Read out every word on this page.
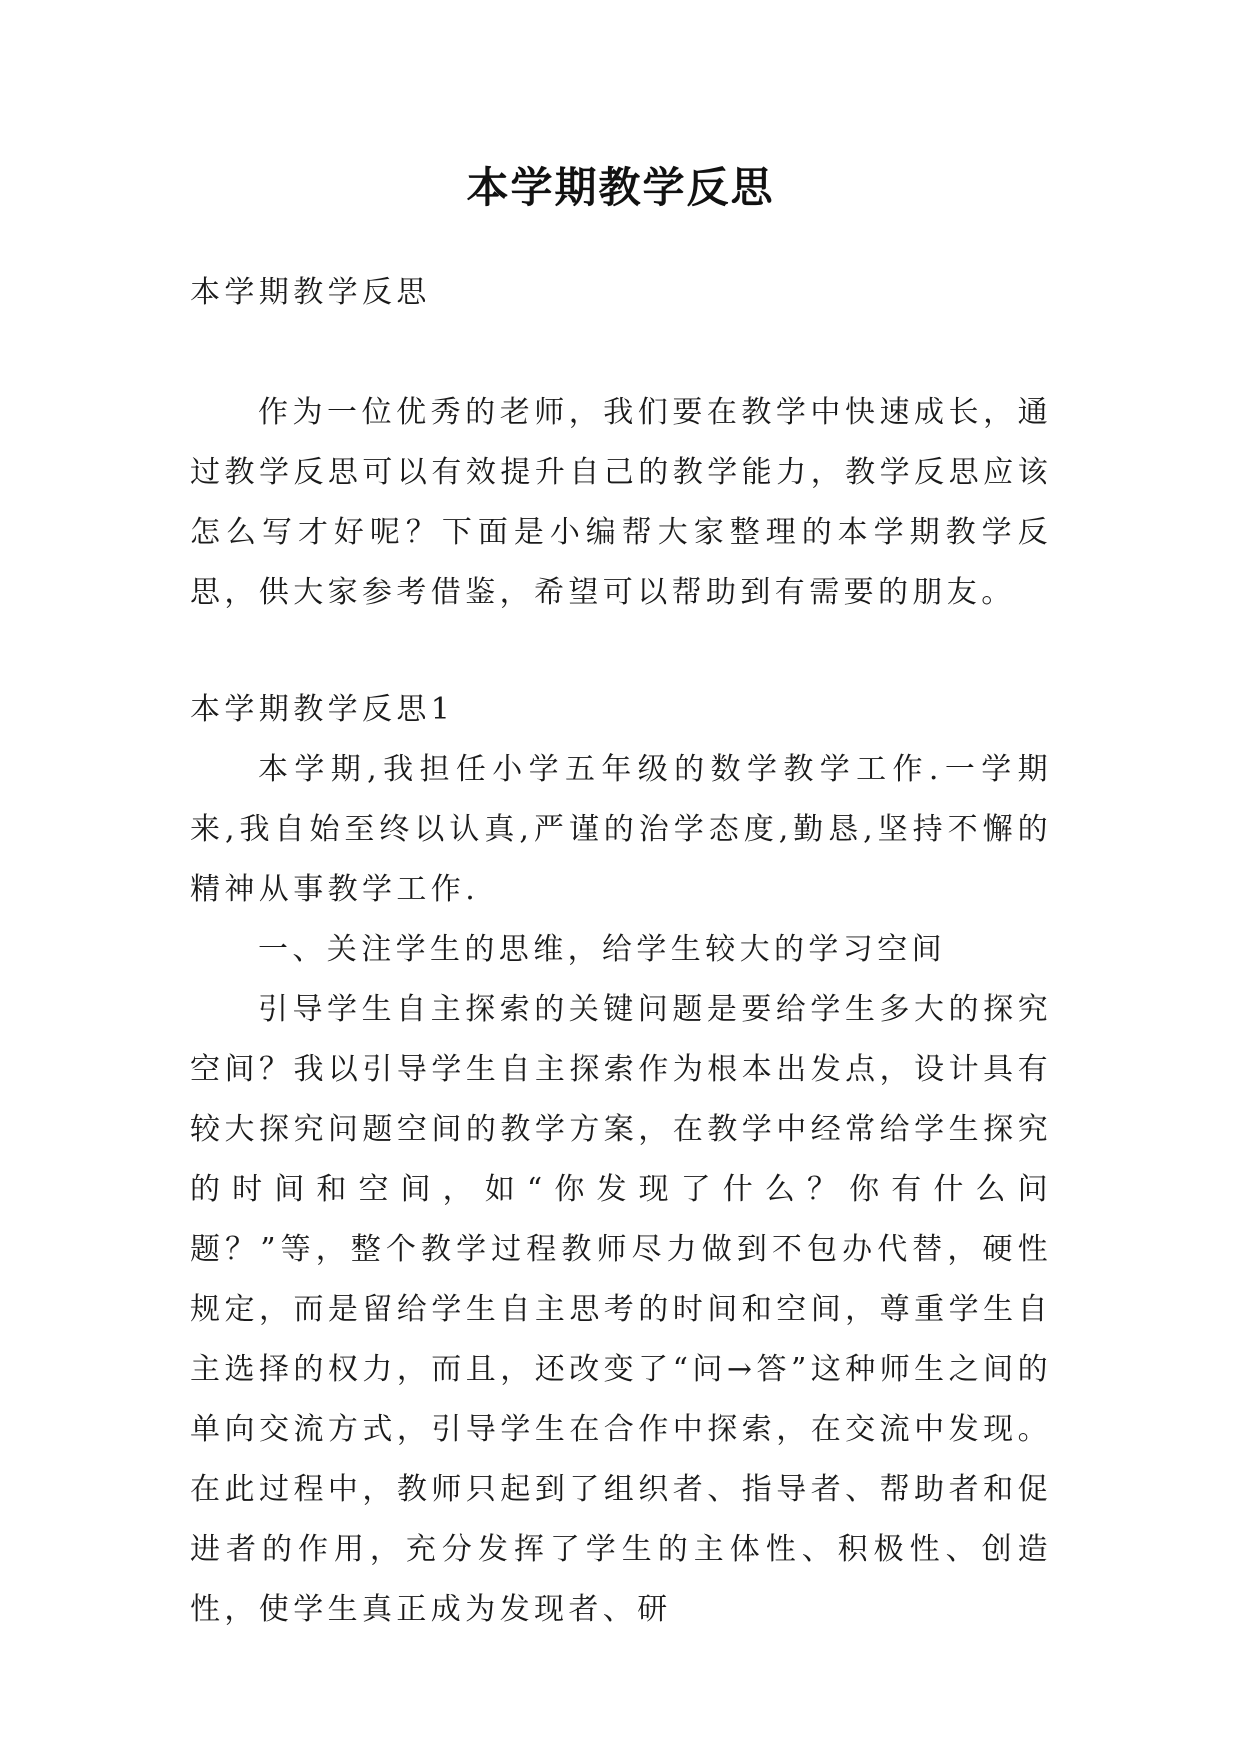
本学期教学反思

本学期教学反思

作为一位优秀的老师，我们要在教学中快速成长，通过教学反思可以有效提升自己的教学能力，教学反思应该怎么写才好呢？下面是小编帮大家整理的本学期教学反思，供大家参考借鉴，希望可以帮助到有需要的朋友。

本学期教学反思1

本学期,我担任小学五年级的数学教学工作.一学期来,我自始至终以认真,严谨的治学态度,勤恳,坚持不懈的精神从事教学工作.

一、关注学生的思维，给学生较大的学习空间

引导学生自主探索的关键问题是要给学生多大的探究空间？我以引导学生自主探索作为根本出发点，设计具有较大探究问题空间的教学方案，在教学中经常给学生探究的时间和空间，如“你发现了什么？你有什么问题？”等，整个教学过程教师尽力做到不包办代替，硬性规定，而是留给学生自主思考的时间和空间，尊重学生自主选择的权力，而且，还改变了“问→答”这种师生之间的单向交流方式，引导学生在合作中探索，在交流中发现。在此过程中，教师只起到了组织者、指导者、帮助者和促进者的作用，充分发挥了学生的主体性、积极性、创造性，使学生真正成为发现者、研
